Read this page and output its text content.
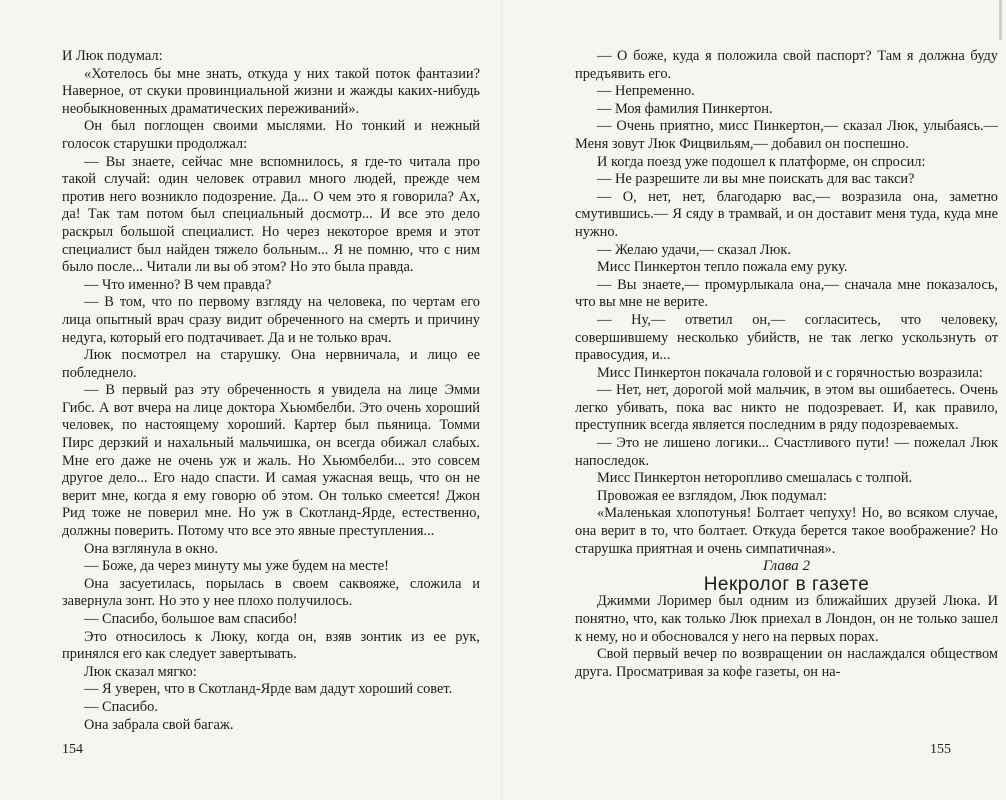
И Люк подумал:

«Хотелось бы мне знать, откуда у них такой поток фантазии? Наверное, от скуки провинциальной жизни и жажды каких-нибудь необыкновенных драматических переживаний».

Он был поглощен своими мыслями. Но тонкий и нежный голосок старушки продолжал:

— Вы знаете, сейчас мне вспомнилось, я где-то читала про такой случай: один человек отравил много людей, прежде чем против него возникло подозрение. Да... О чем это я говорила? Ах, да! Так там потом был специальный досмотр... И все это дело раскрыл большой специалист. Но через некоторое время и этот специалист был найден тяжело больным... Я не помню, что с ним было после... Читали ли вы об этом? Но это была правда.

— Что именно? В чем правда?

— В том, что по первому взгляду на человека, по чертам его лица опытный врач сразу видит обреченного на смерть и причину недуга, который его подтачивает. Да и не только врач.

Люк посмотрел на старушку. Она нервничала, и лицо ее побледнело.

— В первый раз эту обреченность я увидела на лице Эмми Гибс. А вот вчера на лице доктора Хьюмбелби. Это очень хороший человек, по настоящему хороший. Картер был пьяница. Томми Пирс дерзкий и нахальный мальчишка, он всегда обижал слабых. Мне его даже не очень уж и жаль. Но Хьюмбелби... это совсем другое дело... Его надо спасти. И самая ужасная вещь, что он не верит мне, когда я ему говорю об этом. Он только смеется! Джон Рид тоже не поверил мне. Но уж в Скотланд-Ярде, естественно, должны поверить. Потому что все это явные преступления...

Она взглянула в окно.

— Боже, да через минуту мы уже будем на месте!

Она засуетилась, порылась в своем саквояже, сложила и завернула зонт. Но это у нее плохо получилось.

— Спасибо, большое вам спасибо!

Это относилось к Люку, когда он, взяв зонтик из ее рук, принялся его как следует завертывать.

Люк сказал мягко:

— Я уверен, что в Скотланд-Ярде вам дадут хороший совет.

— Спасибо.

Она забрала свой багаж.

154

— О боже, куда я положила свой паспорт? Там я должна буду предъявить его.

— Непременно.

— Моя фамилия Пинкертон.

— Очень приятно, мисс Пинкертон,— сказал Люк, улыбаясь.— Меня зовут Люк Фицвильям,— добавил он поспешно.

И когда поезд уже подошел к платформе, он спросил:

— Не разрешите ли вы мне поискать для вас такси?

— О, нет, нет, благодарю вас,— возразила она, заметно смутившись.— Я сяду в трамвай, и он доставит меня туда, куда мне нужно.

— Желаю удачи,— сказал Люк.

Мисс Пинкертон тепло пожала ему руку.

— Вы знаете,— промурлыкала она,— сначала мне показалось, что вы мне не верите.

— Ну,— ответил он,— согласитесь, что человеку, совершившему несколько убийств, не так легко ускользнуть от правосудия, и...

Мисс Пинкертон покачала головой и с горячностью возразила:

— Нет, нет, дорогой мой мальчик, в этом вы ошибаетесь. Очень легко убивать, пока вас никто не подозревает. И, как правило, преступник всегда является последним в ряду подозреваемых.

— Это не лишено логики... Счастливого пути! — пожелал Люк напоследок.

Мисс Пинкертон неторопливо смешалась с толпой.

Провожая ее взглядом, Люк подумал:

«Маленькая хлопотунья! Болтает чепуху! Но, во всяком случае, она верит в то, что болтает. Откуда берется такое воображение? Но старушка приятная и очень симпатичная».

Глава 2

Некролог в газете

Джимми Лоример был одним из ближайших друзей Люка. И понятно, что, как только Люк приехал в Лондон, он не только зашел к нему, но и обосновался у него на первых порах.

Свой первый вечер по возвращении он наслаждался обществом друга. Просматривая за кофе газеты, он на-

155
